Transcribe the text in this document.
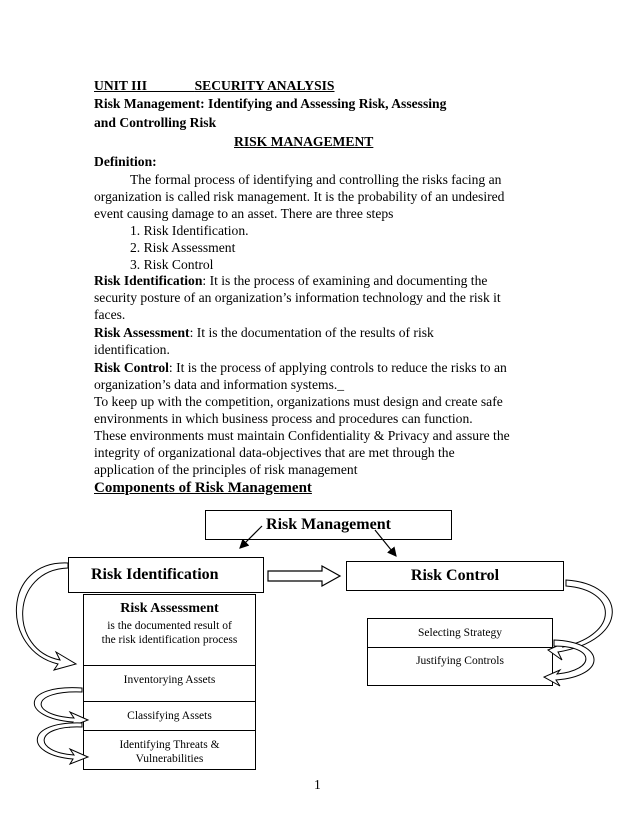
UNIT III_______SECURITY ANALYSIS
Risk Management: Identifying and Assessing Risk, Assessing
and Controlling Risk
RISK MANAGEMENT
Definition:
The formal process of identifying and controlling the risks facing an
organization is called risk management. It is the probability of an undesired
event causing damage to an asset. There are three steps
1. Risk Identification.
2. Risk Assessment
3. Risk Control
Risk Identification: It is the process of examining and documenting the
security posture of an organization’s information technology and the risk it
faces.
Risk Assessment: It is the documentation of the results of risk
identification.
Risk Control: It is the process of applying controls to reduce the risks to an
organization’s data and information systems._
To keep up with the competition, organizations must design and create safe
environments in which business process and procedures can function.
These environments must maintain Confidentiality & Privacy and assure the
integrity of organizational data-objectives that are met through the
application of the principles of risk management
Components of Risk Management
Risk Management
Risk Identification	Risk Control
Risk Assessment
is the documented result of
the risk identification process
Inventorying Assets
Classifying Assets
Identifying Threats &
Vulnerabilities
Selecting Strategy
Justifying Controls
1
